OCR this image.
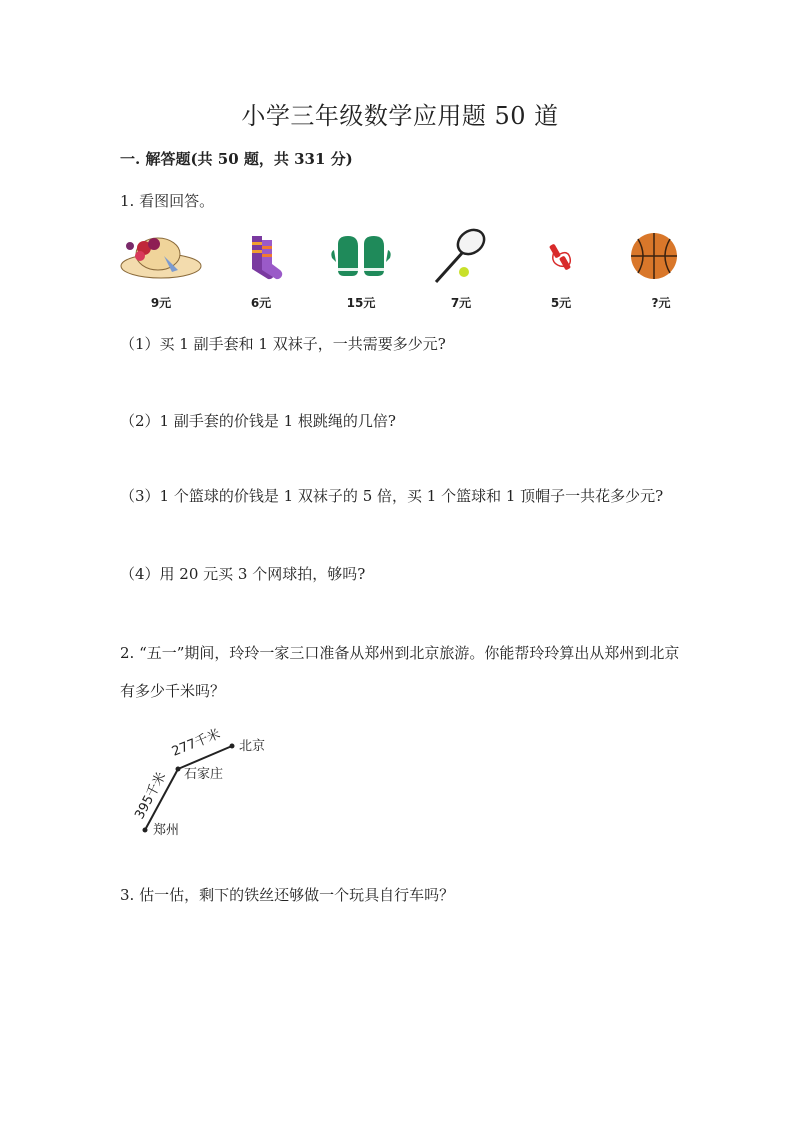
小学三年级数学应用题 50 道
一. 解答题(共 50 题，共 331 分)
1. 看图回答。
9元	6元	15元	7元	5元	?元
（1）买 1 副手套和 1 双袜子，一共需要多少元?
（2）1 副手套的价钱是 1 根跳绳的几倍?
（3）1 个篮球的价钱是 1 双袜子的 5 倍，买 1 个篮球和 1 顶帽子一共花多少元?
（4）用 20 元买 3 个网球拍，够吗?
2. “五一”期间，玲玲一家三口准备从郑州到北京旅游。你能帮玲玲算出从郑州到北京有多少千米吗？
北京
石家庄
郑州
277千米
395千米
3. 估一估，剩下的铁丝还够做一个玩具自行车吗？
